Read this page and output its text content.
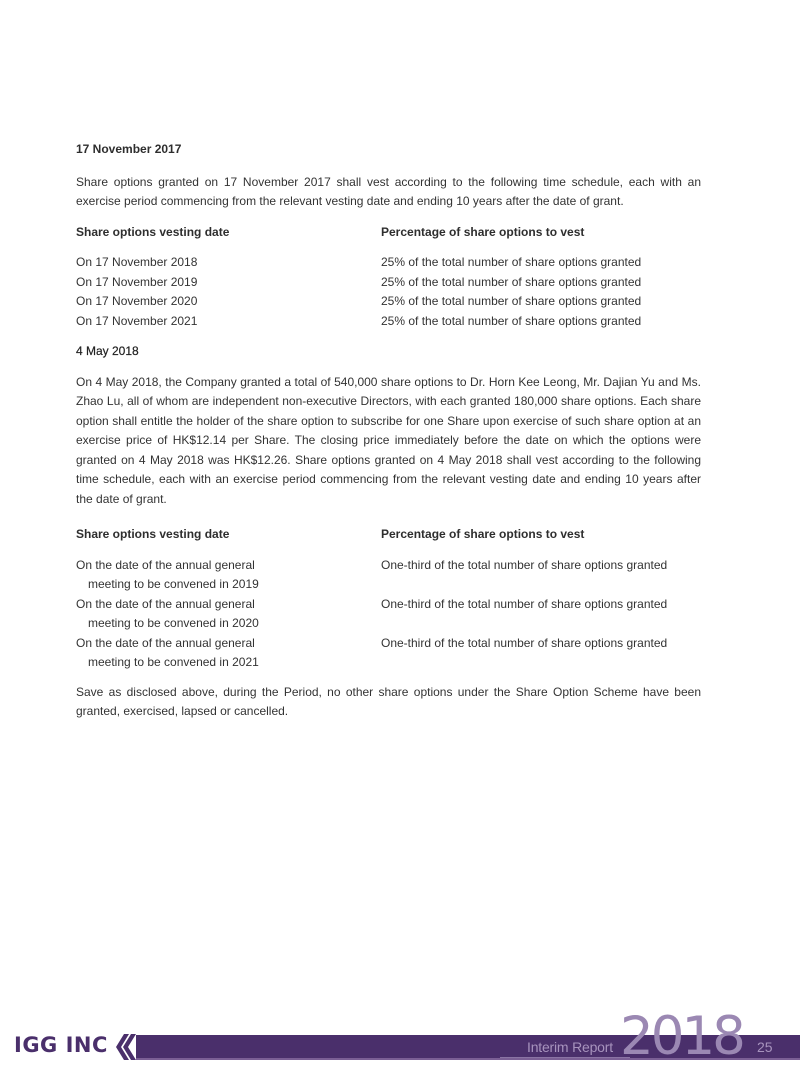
17 November 2017

Share options granted on 17 November 2017 shall vest according to the following time schedule, each with an exercise period commencing from the relevant vesting date and ending 10 years after the date of grant.

Share options vesting date	Percentage of share options to vest
On 17 November 2018	25% of the total number of share options granted
On 17 November 2019	25% of the total number of share options granted
On 17 November 2020	25% of the total number of share options granted
On 17 November 2021	25% of the total number of share options granted
4 May 2018

On 4 May 2018, the Company granted a total of 540,000 share options to Dr. Horn Kee Leong, Mr. Dajian Yu and Ms. Zhao Lu, all of whom are independent non-executive Directors, with each granted 180,000 share options. Each share option shall entitle the holder of the share option to subscribe for one Share upon exercise of such share option at an exercise price of HK$12.14 per Share. The closing price immediately before the date on which the options were granted on 4 May 2018 was HK$12.26. Share options granted on 4 May 2018 shall vest according to the following time schedule, each with an exercise period commencing from the relevant vesting date and ending 10 years after the date of grant.

Share options vesting date	Percentage of share options to vest
On the date of the annual general
meeting to be convened in 2019
One-third of the total number of share options granted
On the date of the annual general
meeting to be convened in 2020
One-third of the total number of share options granted
On the date of the annual general
meeting to be convened in 2021
One-third of the total number of share options granted

Save as disclosed above, during the Period, no other share options under the Share Option Scheme have been granted, exercised, lapsed or cancelled.

IGG INC	Interim Report 2018 25
